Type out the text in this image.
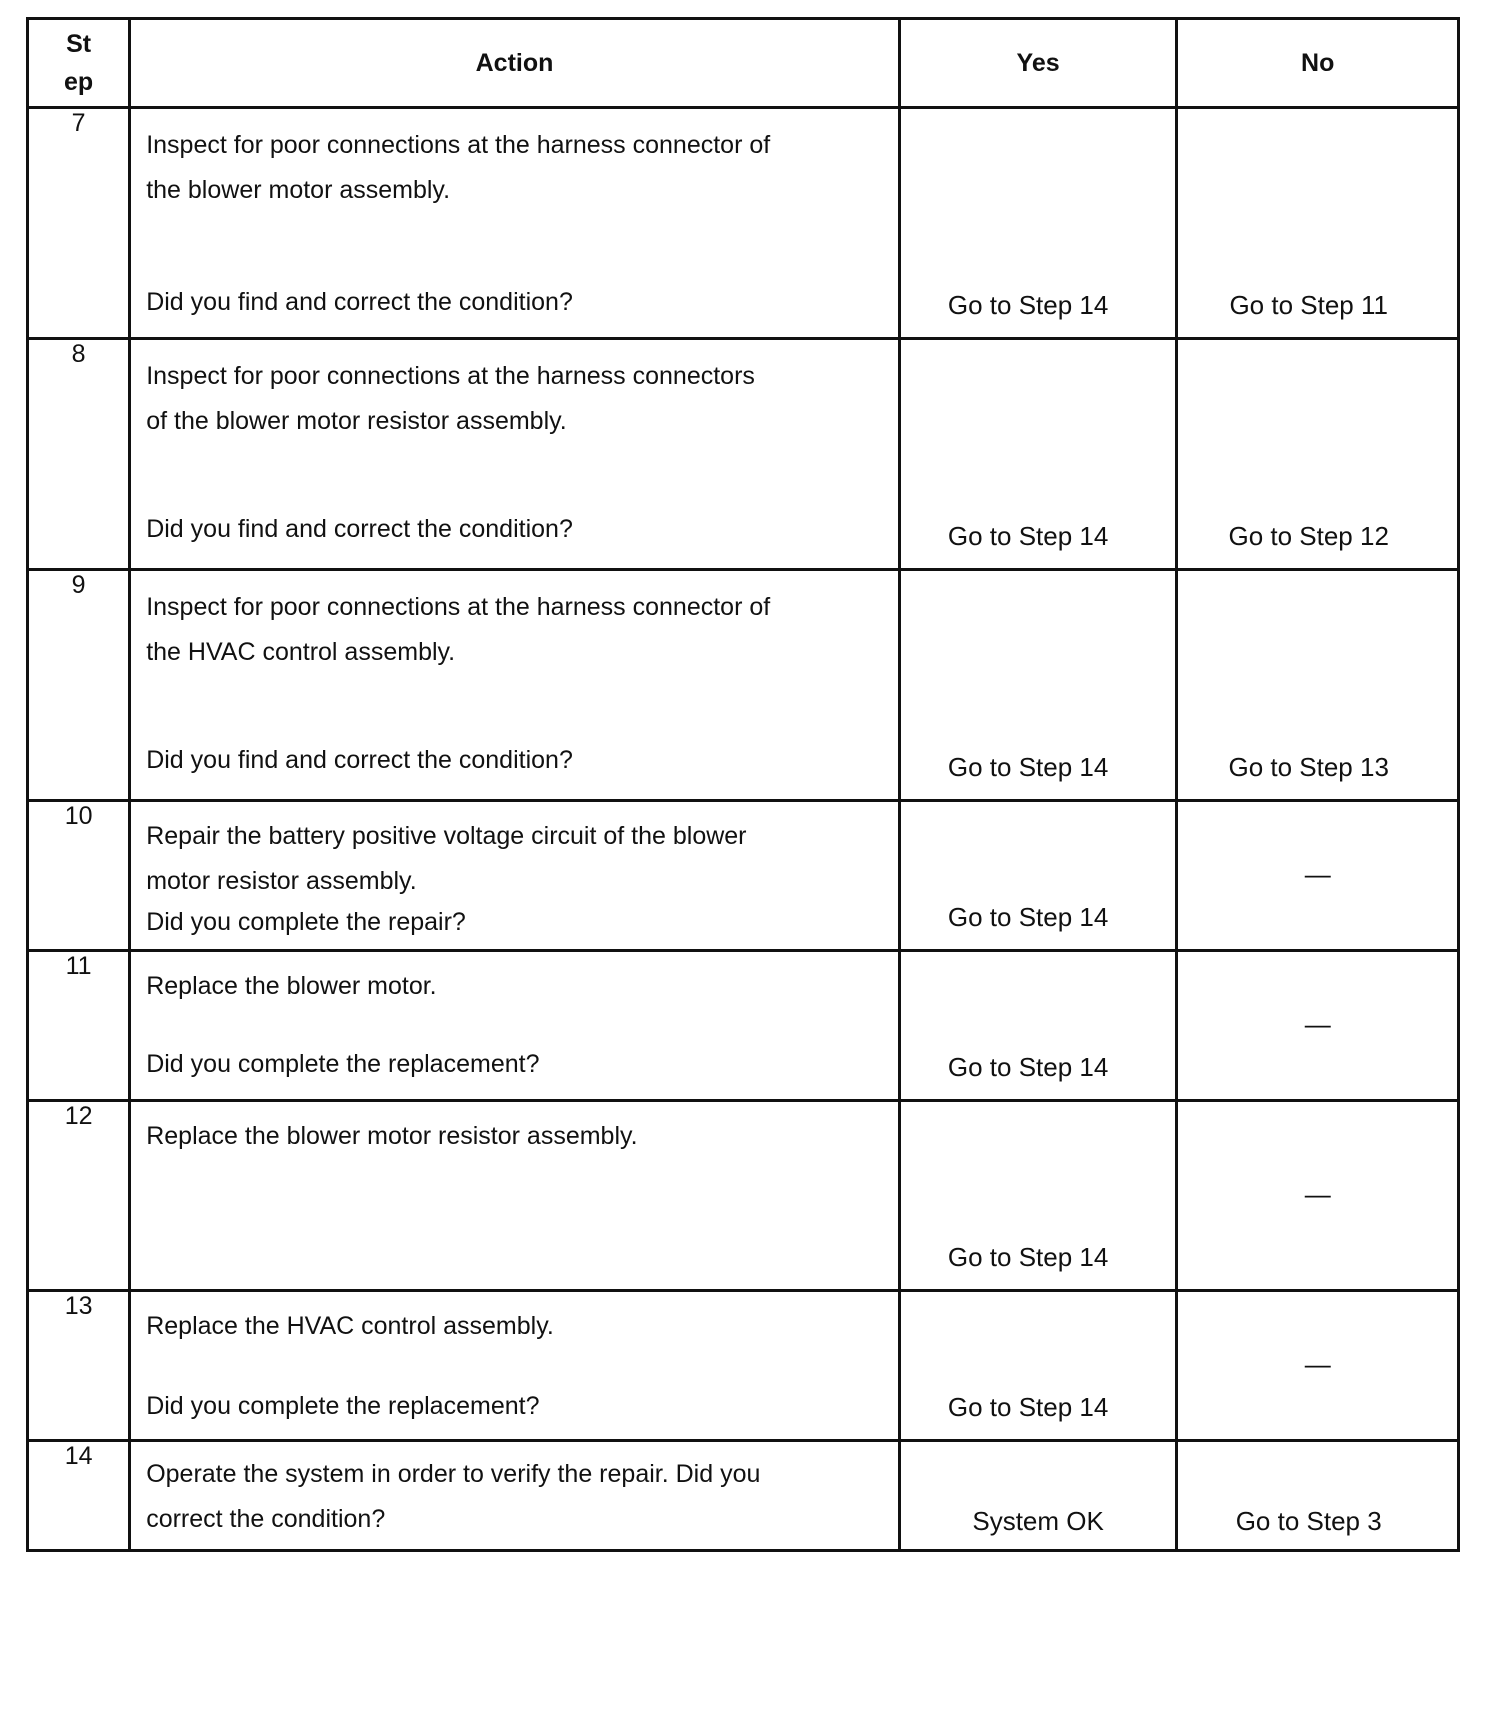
St
ep	Action	Yes	No
7	Inspect for poor connections at the harness connector of
the blower motor assembly.
Did you find and correct the condition?	Go to Step 14	Go to Step 11

8	Inspect for poor connections at the harness connectors
of the blower motor resistor assembly.
Did you find and correct the condition?	Go to Step 14	Go to Step 12

9	Inspect for poor connections at the harness connector of
the HVAC control assembly.
Did you find and correct the condition?	Go to Step 14	Go to Step 13

10	Repair the battery positive voltage circuit of the blower
motor resistor assembly.
Did you complete the repair?	Go to Step 14	—

11	Replace the blower motor.
Did you complete the replacement?	Go to Step 14	—

12	Replace the blower motor resistor assembly.	Go to Step 14	—

13	Replace the HVAC control assembly.
Did you complete the replacement?	Go to Step 14	—

14	Operate the system in order to verify the repair. Did you
correct the condition?	System OK	Go to Step 3
